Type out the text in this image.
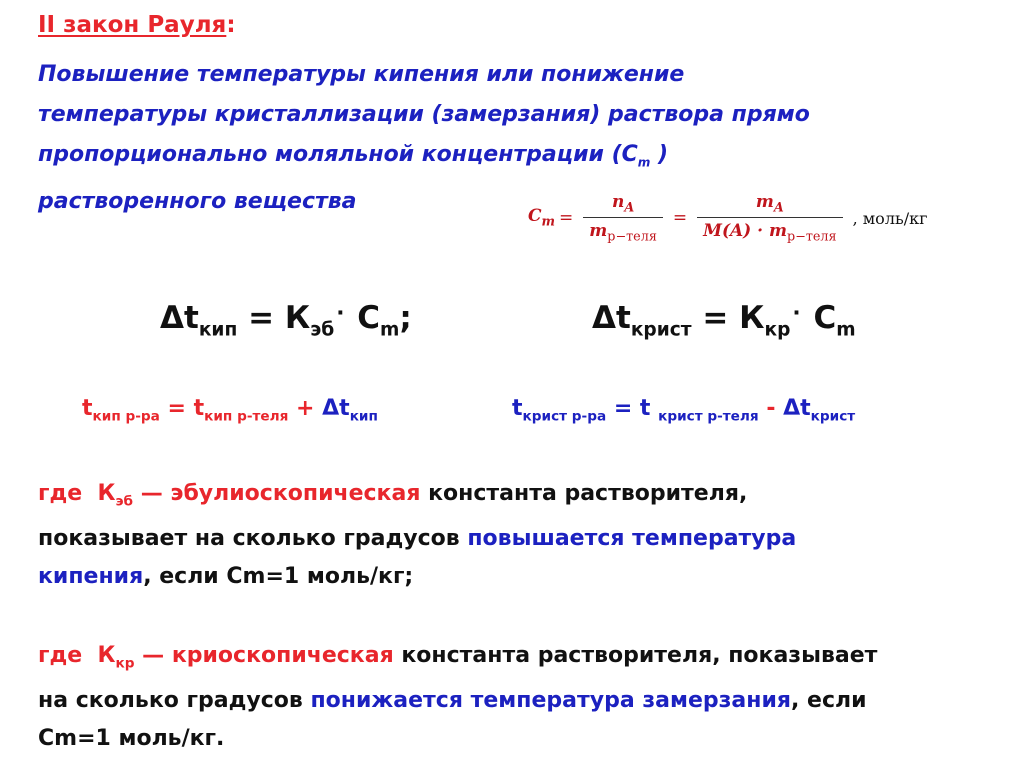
II закон Рауля:
Повышение температуры кипения или понижение
температуры кристаллизации (замерзания) раствора прямо
пропорционально моляльной концентрации ($С_m$ )
растворенного вещества
$C_m = \frac{n_A}{m_{р-теля}} = \frac{m_A}{M(A) \cdot m_{р-теля}}$ , моль/кг
$\Delta t_{кип} = К_{эб}^\cdot$ $С_m$;	$\Delta t_{крист} = К_{кр}^\cdot$ $С_m$
$t_{кип р-ра} = t_{кип р-теля} + \Delta t_{кип}$	$t_{крист р-ра} = t$ $_{крист р-теля} - \Delta t_{крист}$
где  $К_{эб}$ — эбулиоскопическая константа растворителя,
показывает на сколько градусов повышается температура
кипения, если Сm=1 моль/кг;
где  $К_{кр}$ — криоскопическая константа растворителя, показывает
на сколько градусов понижается температура замерзания, если
Сm=1 моль/кг.
